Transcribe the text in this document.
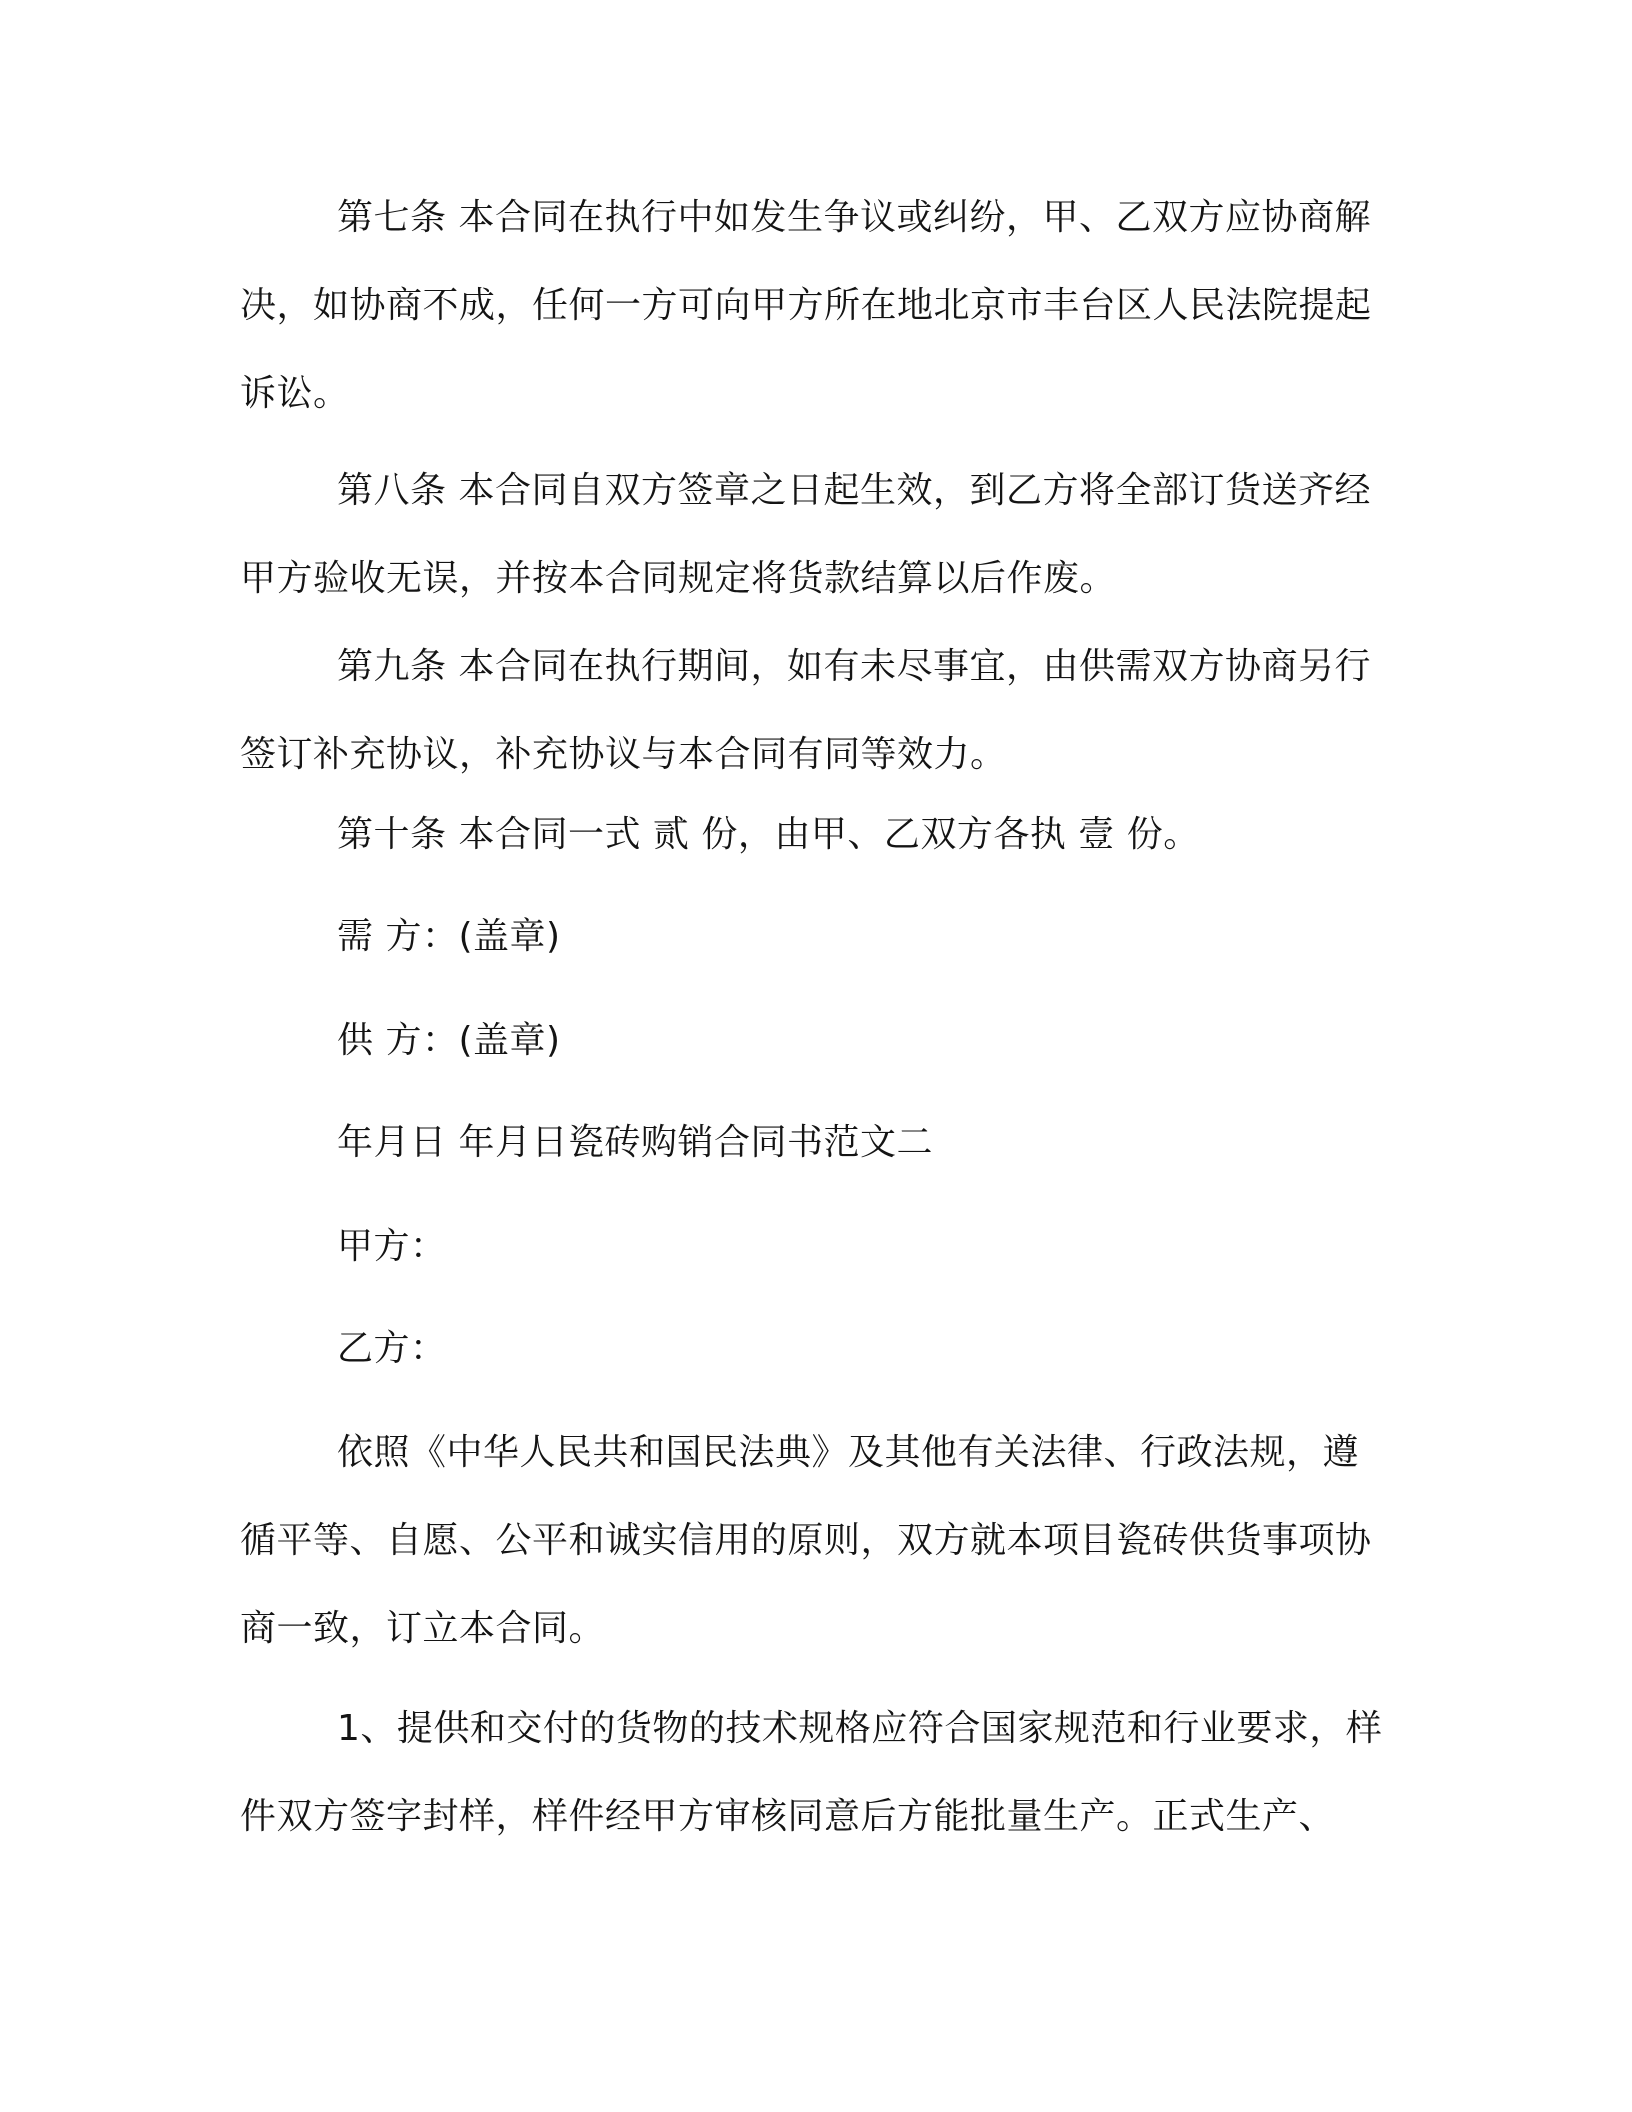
第七条 本合同在执行中如发生争议或纠纷，甲、乙双方应协商解决，如协商不成，任何一方可向甲方所在地北京市丰台区人民法院提起诉讼。

第八条 本合同自双方签章之日起生效，到乙方将全部订货送齐经甲方验收无误，并按本合同规定将货款结算以后作废。

第九条 本合同在执行期间，如有未尽事宜，由供需双方协商另行签订补充协议，补充协议与本合同有同等效力。

第十条 本合同一式 贰 份，由甲、乙双方各执 壹 份。

需 方：(盖章)

供 方：(盖章)

年月日 年月日瓷砖购销合同书范文二

甲方：

乙方：

依照《中华人民共和国民法典》及其他有关法律、行政法规，遵循平等、自愿、公平和诚实信用的原则，双方就本项目瓷砖供货事项协商一致，订立本合同。

1、提供和交付的货物的技术规格应符合国家规范和行业要求，样件双方签字封样，样件经甲方审核同意后方能批量生产。正式生产、
